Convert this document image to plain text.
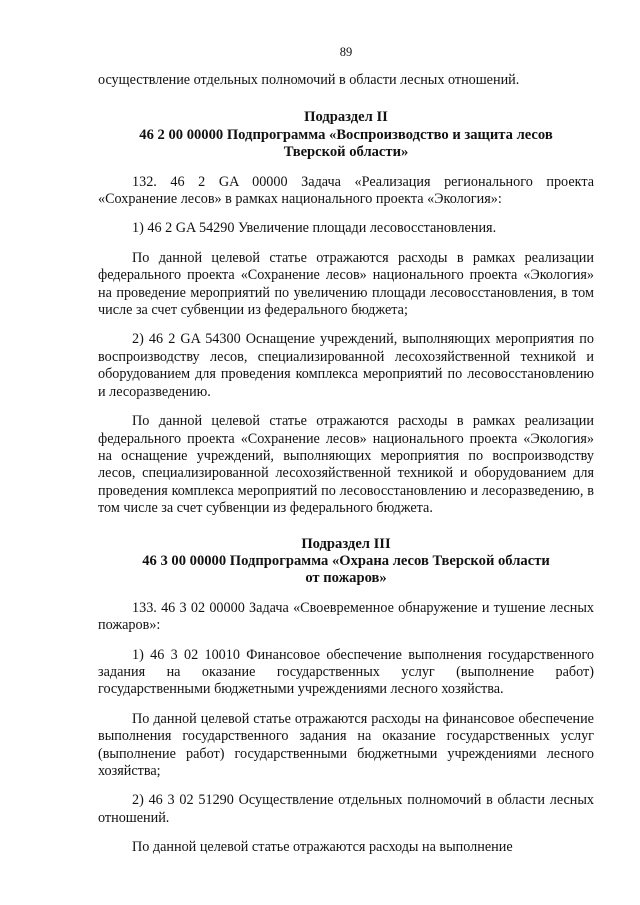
89

осуществление отдельных полномочий в области лесных отношений.

Подраздел II
46 2 00 00000 Подпрограмма «Воспроизводство и защита лесов
Тверской области»

132. 46 2 GA 00000 Задача «Реализация регионального проекта «Сохранение лесов» в рамках национального проекта «Экология»:

1) 46 2 GA 54290 Увеличение площади лесовосстановления.

По данной целевой статье отражаются расходы в рамках реализации федерального проекта «Сохранение лесов» национального проекта «Экология» на проведение мероприятий по увеличению площади лесовосстановления, в том числе за счет субвенции из федерального бюджета;

2) 46 2 GA 54300 Оснащение учреждений, выполняющих мероприятия по воспроизводству лесов, специализированной лесохозяйственной техникой и оборудованием для проведения комплекса мероприятий по лесовосстановлению и лесоразведению.

По данной целевой статье отражаются расходы в рамках реализации федерального проекта «Сохранение лесов» национального проекта «Экология» на оснащение учреждений, выполняющих мероприятия по воспроизводству лесов, специализированной лесохозяйственной техникой и оборудованием для проведения комплекса мероприятий по лесовосстановлению и лесоразведению, в том числе за счет субвенции из федерального бюджета.

Подраздел III
46 3 00 00000 Подпрограмма «Охрана лесов Тверской области
от пожаров»

133. 46 3 02 00000 Задача «Своевременное обнаружение и тушение лесных пожаров»:

1) 46 3 02 10010 Финансовое обеспечение выполнения государственного задания на оказание государственных услуг (выполнение работ) государственными бюджетными учреждениями лесного хозяйства.

По данной целевой статье отражаются расходы на финансовое обеспечение выполнения государственного задания на оказание государственных услуг (выполнение работ) государственными бюджетными учреждениями лесного хозяйства;

2) 46 3 02 51290 Осуществление отдельных полномочий в области лесных отношений.

По данной целевой статье отражаются расходы на выполнение
